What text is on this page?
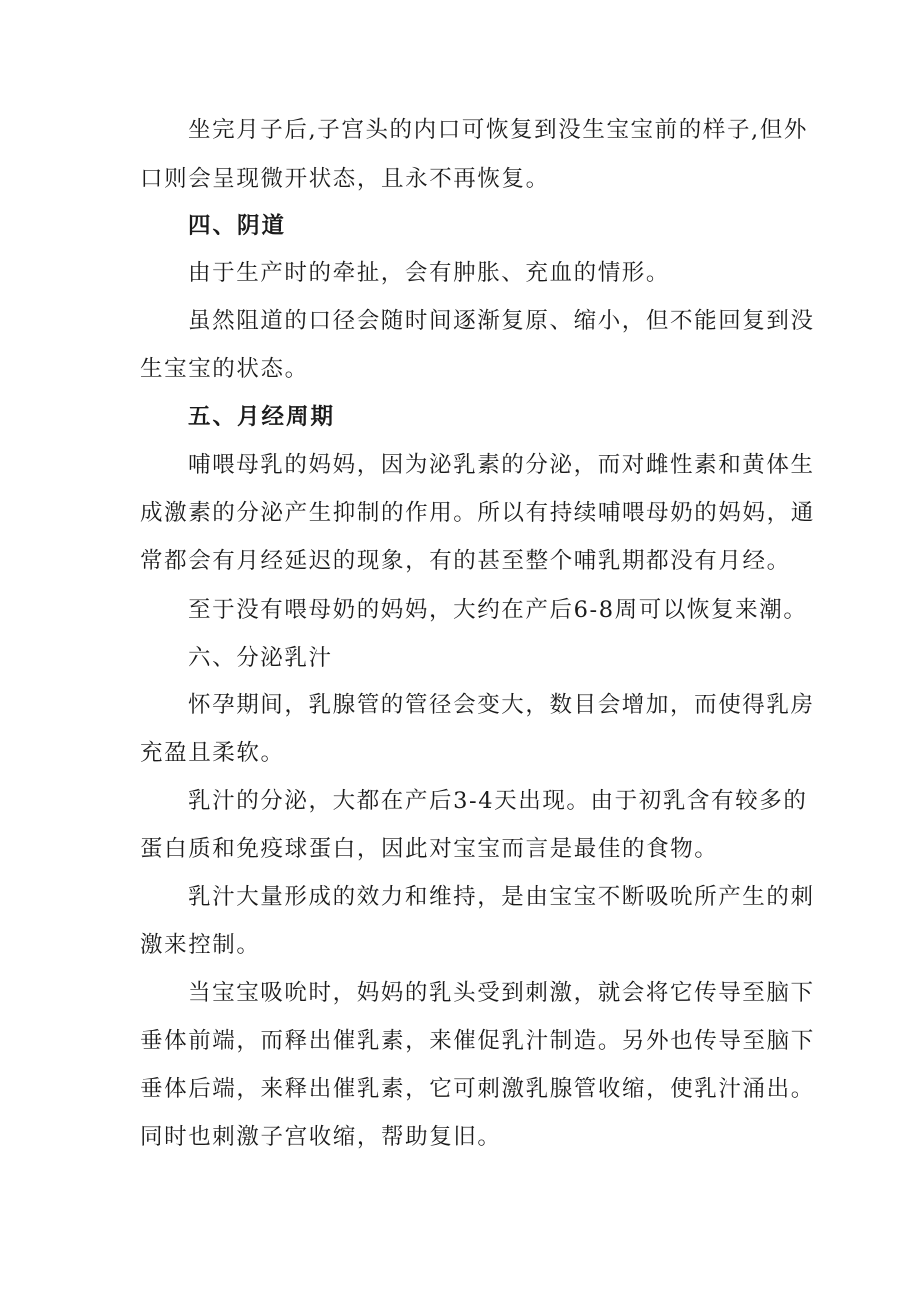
坐完月子后,子宫头的内口可恢复到没生宝宝前的样子,但外
口则会呈现微开状态，且永不再恢复。
四、阴道
由于生产时的牵扯，会有肿胀、充血的情形。
虽然阻道的口径会随时间逐渐复原、缩小，但不能回复到没
生宝宝的状态。
五、月经周期
哺喂母乳的妈妈，因为泌乳素的分泌，而对雌性素和黄体生
成激素的分泌产生抑制的作用。所以有持续哺喂母奶的妈妈，通
常都会有月经延迟的现象，有的甚至整个哺乳期都没有月经。
至于没有喂母奶的妈妈，大约在产后6-8周可以恢复来潮。
六、分泌乳汁
怀孕期间，乳腺管的管径会变大，数目会增加，而使得乳房
充盈且柔软。
乳汁的分泌，大都在产后3-4天出现。由于初乳含有较多的
蛋白质和免疫球蛋白，因此对宝宝而言是最佳的食物。
乳汁大量形成的效力和维持，是由宝宝不断吸吮所产生的刺
激来控制。
当宝宝吸吮时，妈妈的乳头受到刺激，就会将它传导至脑下
垂体前端，而释出催乳素，来催促乳汁制造。另外也传导至脑下
垂体后端，来释出催乳素，它可刺激乳腺管收缩，使乳汁涌出。
同时也刺激子宫收缩，帮助复旧。
